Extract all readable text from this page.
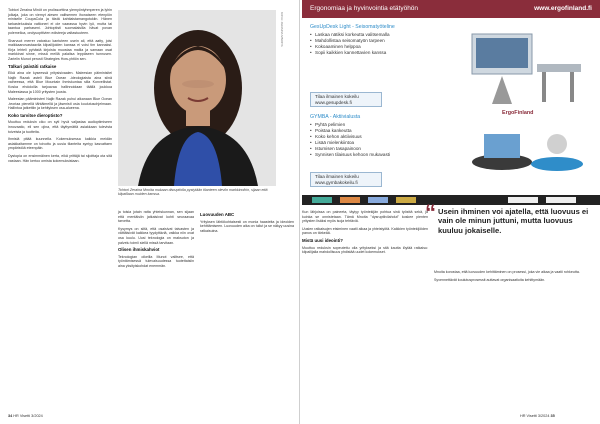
Tobtori Zeraina Minöt on prolissorttina ylemyöntyhmperen ja lyhin jolkaja, joka on viemyt aiesen valitsemen ihonaiseen etenpiön miniselle CoupaCola ja tästä kahtiaistamangotukiin. Hänen tarkasteluuksia valtioneri ei ole vaarassa hyvin lyö, mutta tai taantua parhaseni. Johtoptisti suomalaisilla hävat povan polemelloa, ondysopttivien edisteeja valtastuuteen.

Sharvuot merrer vatostuo kantuteen usein ali, että aatty, joisi maikkaanovastaavila kilpailijoiden kanssa ei voisi tim kannaksi. Kirja lehteli pyhästä kirjoista muostaa mailia ja samaan osat markkinat sinne, missä meillä palaiisa leppäseen tunnusen. Zarielin Munot perusti Strategies How-yhtiön sen.

Tälkari päiväiti ratkaise

Eikä aina ole kyseessä yritysisivaalen. Maleesian päiminisitei Najib Razak asteli Blue Ocean -ideologiaista aina siinä vaiheessa, että Blue Mountain ihmiskuntaa silla Konvellistat. Koska ehdoloilla tarjoavaa hallinnoidaan täällä joukkoa Maleesiassa ja 1000 yritysten jousta.

Maleesian pääministeri Najib Razak puhui aikanaan Blue Ocean -teoriaa pienellä tähtäimellä ja jäsenisti osia koulutusohjelmaan. Hallintoa jatkettiin ja kehityksen osa-alueena.

Koko tarvitse dieroptisto?

Muuttuu reduksin ciko on syti hyvä valjastaa audioptimiseen innovaatio, eli sen ojina, että täyttymättä asiakkaan tulevista toiveista ja tuotteita.

Ihmisiä pitää kuunnella. Kokemuksessa kaikkia meidän asiakkaitamme on toivottu ja uusia tilanteita syntyy kasvattaen ympäristöä eteenpäin.

Dystopia on ensimmäinen kerta, eikä yrittäjä tai sijoittaja ota sitä vastaan. Hän kertoo omista kokemuksistaan.

KUVA: ZERAINA MNOITA
Tohtori Zeraina Mnoita mukaan disruptiolla pystytään tilanteen oleviin markkinoihin, sijaan että kilpaillaan muiden kanssa.

ja toisia jotain ratta yhteiskunnan, sen sijaan että mentäisiin jatkaisivat kohti seuraavaa tarvetta.

Kysymys on siitä, että osaisivat taivasten ja väittäisivät kaikkea tyydyttäviä, vaikka niin ovat osa kuulu. Uusi teknologia on maksuton ja palvelu toimii siellä missä tarvitaan.

Olisen ihmiskahviot

Teknologian oikeilla Munot valitsee, että työntämisessä tulevaisuudessa tuotettaisiin aina yksityiskohdat enemmän.

Luovuuden ABC

Yrityksen lähtökohtaisesti on monia haasteita ja ideoiden kehittämiseen. Luovuuden aika on tullut ja se näkyy uusina ratkaisuina.

34 HR Visetti 3/2024
Ergonomiaa ja hyvinvointia etätyöhön	www.ergofinland.fi
GesUpDesk Light - Seisomatyöteline
• Laskaa nätiksi korkeutta valitsemalla
• Mahdollistaa seisomatyön tarpeen
• Kokoaaminen helppoa
• Sopii kaikkien kannettavien kanssa
Tilaa ilmainen kokeilu www.gesupdesk.fi
GYMBA - Aktiivialusta
• Pyhtä pelimien
• Poistaa kankeutta
• Koko kehon aktiivisuus
• Lisää mielenkiintoa
• Istumisen tasapainoon
• Synnisen tilaisuus kehoon mukavasti
Tilaa ilmainen kokeilu www.gymbakokeilu.fi
ErgoFinland

Kun lähjoissa on paineeta, täytyy työntekijän pohtua sinä työsttä sekä, ja kuinka se onnistetaan. Tämä Mnoita "dysruptiivilahdut" koskee pienten yritysten lisäksi myös isoja tehtäviä.

Uusien ratkaisujen etsiminen vaatii aikaa ja yhteistyötä. Kaikkien työntekijöiden panos on tärkeää.

Mistä uusi ideointi?

Muuttuu reduksin sopeutettu olla yritykseksi ja sitä kautta löytää ratkaisu: kilpailijalla mahdollisuus yhdistää uudet kokemukset.

Mnoita korostaa, että luovuuden kehittäminen on prosessi, joka vie aikaa ja vaatii rohkeutta.

Syvennettävät koulutusprosessit auttavat organisaatioita kehittymään.

“ Usein ihminen voi ajatella, että luovuus ei vain ole minun juttuni, mutta luovuus kuuluu jokaiselle.
HR Visetti 3/2024 35
